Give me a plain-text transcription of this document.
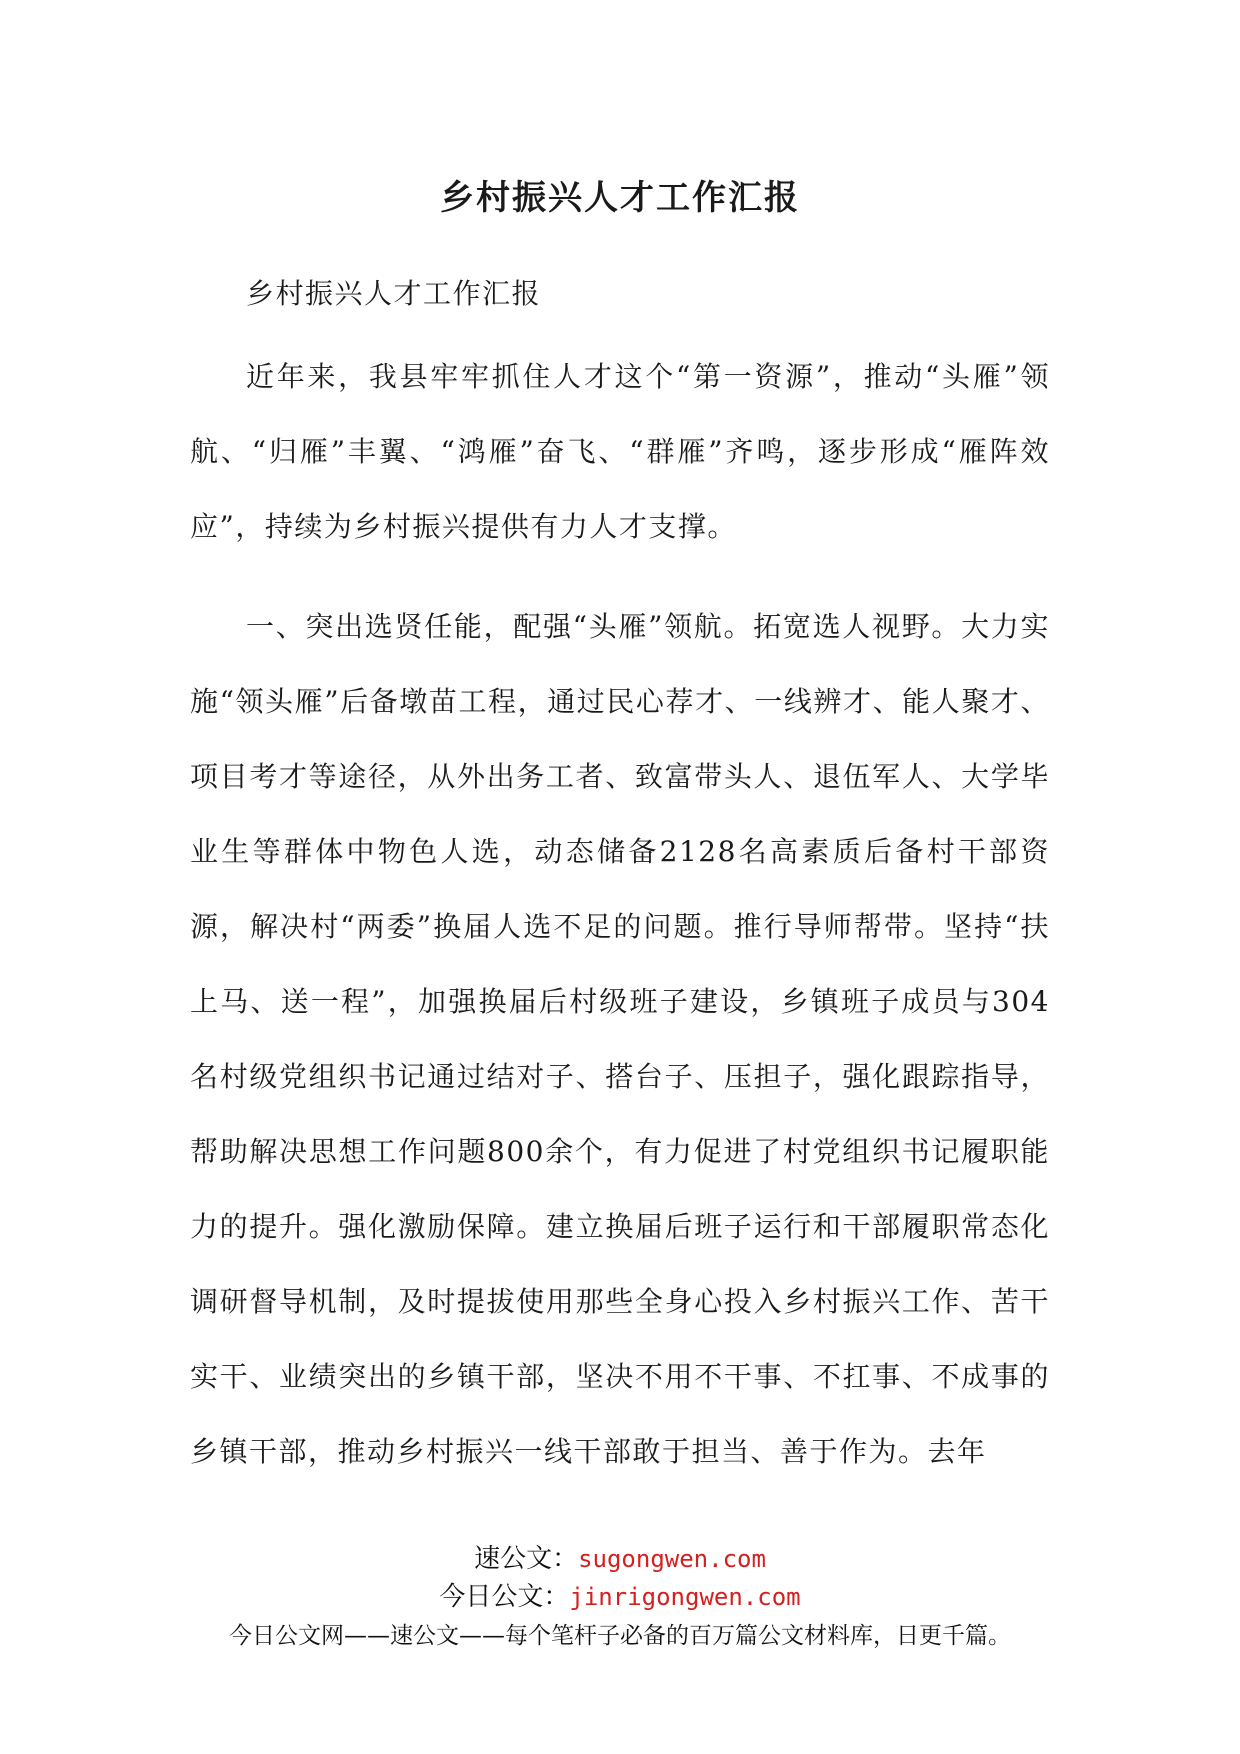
乡村振兴人才工作汇报

乡村振兴人才工作汇报

近年来，我县牢牢抓住人才这个“第一资源”，推动“头雁”领航、“归雁”丰翼、“鸿雁”奋飞、“群雁”齐鸣，逐步形成“雁阵效应”，持续为乡村振兴提供有力人才支撑。

一、突出选贤任能，配强“头雁”领航。拓宽选人视野。大力实施“领头雁”后备墩苗工程，通过民心荐才、一线辨才、能人聚才、项目考才等途径，从外出务工者、致富带头人、退伍军人、大学毕业生等群体中物色人选，动态储备2128名高素质后备村干部资源，解决村“两委”换届人选不足的问题。推行导师帮带。坚持“扶上马、送一程”，加强换届后村级班子建设，乡镇班子成员与304名村级党组织书记通过结对子、搭台子、压担子，强化跟踪指导，帮助解决思想工作问题800余个，有力促进了村党组织书记履职能力的提升。强化激励保障。建立换届后班子运行和干部履职常态化调研督导机制，及时提拔使用那些全身心投入乡村振兴工作、苦干实干、业绩突出的乡镇干部，坚决不用不干事、不扛事、不成事的乡镇干部，推动乡村振兴一线干部敢于担当、善于作为。去年

速公文：sugongwen.com
今日公文：jinrigongwen.com
今日公文网——速公文——每个笔杆子必备的百万篇公文材料库，日更千篇。
